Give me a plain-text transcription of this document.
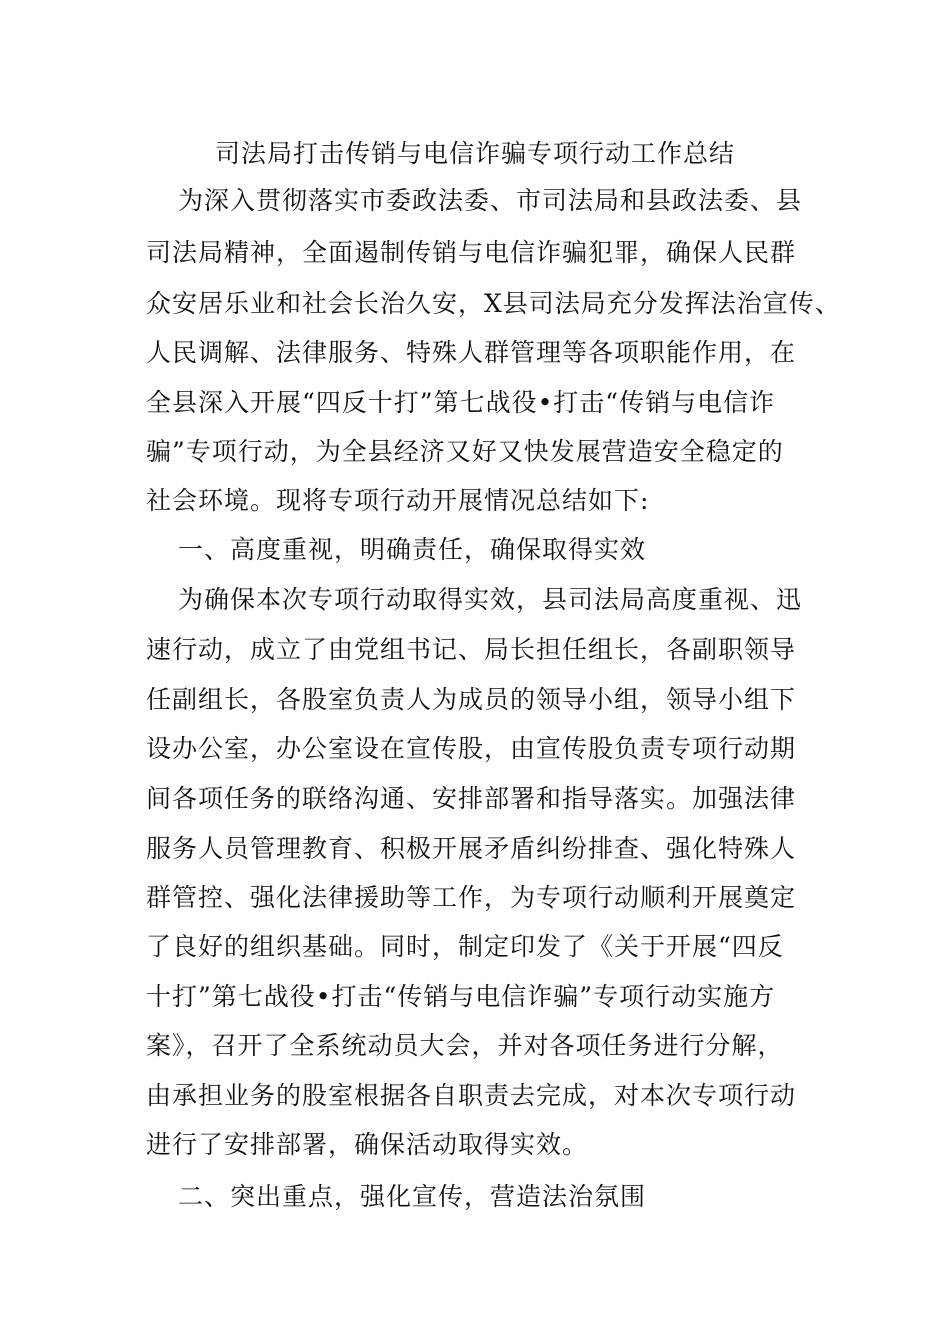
司法局打击传销与电信诈骗专项行动工作总结
为深入贯彻落实市委政法委、市司法局和县政法委、县
司法局精神，全面遏制传销与电信诈骗犯罪，确保人民群
众安居乐业和社会长治久安，X县司法局充分发挥法治宣传、
人民调解、法律服务、特殊人群管理等各项职能作用，在
全县深入开展“四反十打”第七战役•打击“传销与电信诈
骗”专项行动，为全县经济又好又快发展营造安全稳定的
社会环境。现将专项行动开展情况总结如下:
一、高度重视，明确责任，确保取得实效
为确保本次专项行动取得实效，县司法局高度重视、迅
速行动，成立了由党组书记、局长担任组长，各副职领导
任副组长，各股室负责人为成员的领导小组，领导小组下
设办公室，办公室设在宣传股，由宣传股负责专项行动期
间各项任务的联络沟通、安排部署和指导落实。加强法律
服务人员管理教育、积极开展矛盾纠纷排查、强化特殊人
群管控、强化法律援助等工作，为专项行动顺利开展奠定
了良好的组织基础。同时，制定印发了《关于开展“四反
十打”第七战役•打击“传销与电信诈骗”专项行动实施方
案》，召开了全系统动员大会，并对各项任务进行分解，
由承担业务的股室根据各自职责去完成，对本次专项行动
进行了安排部署，确保活动取得实效。
二、突出重点，强化宣传，营造法治氛围
